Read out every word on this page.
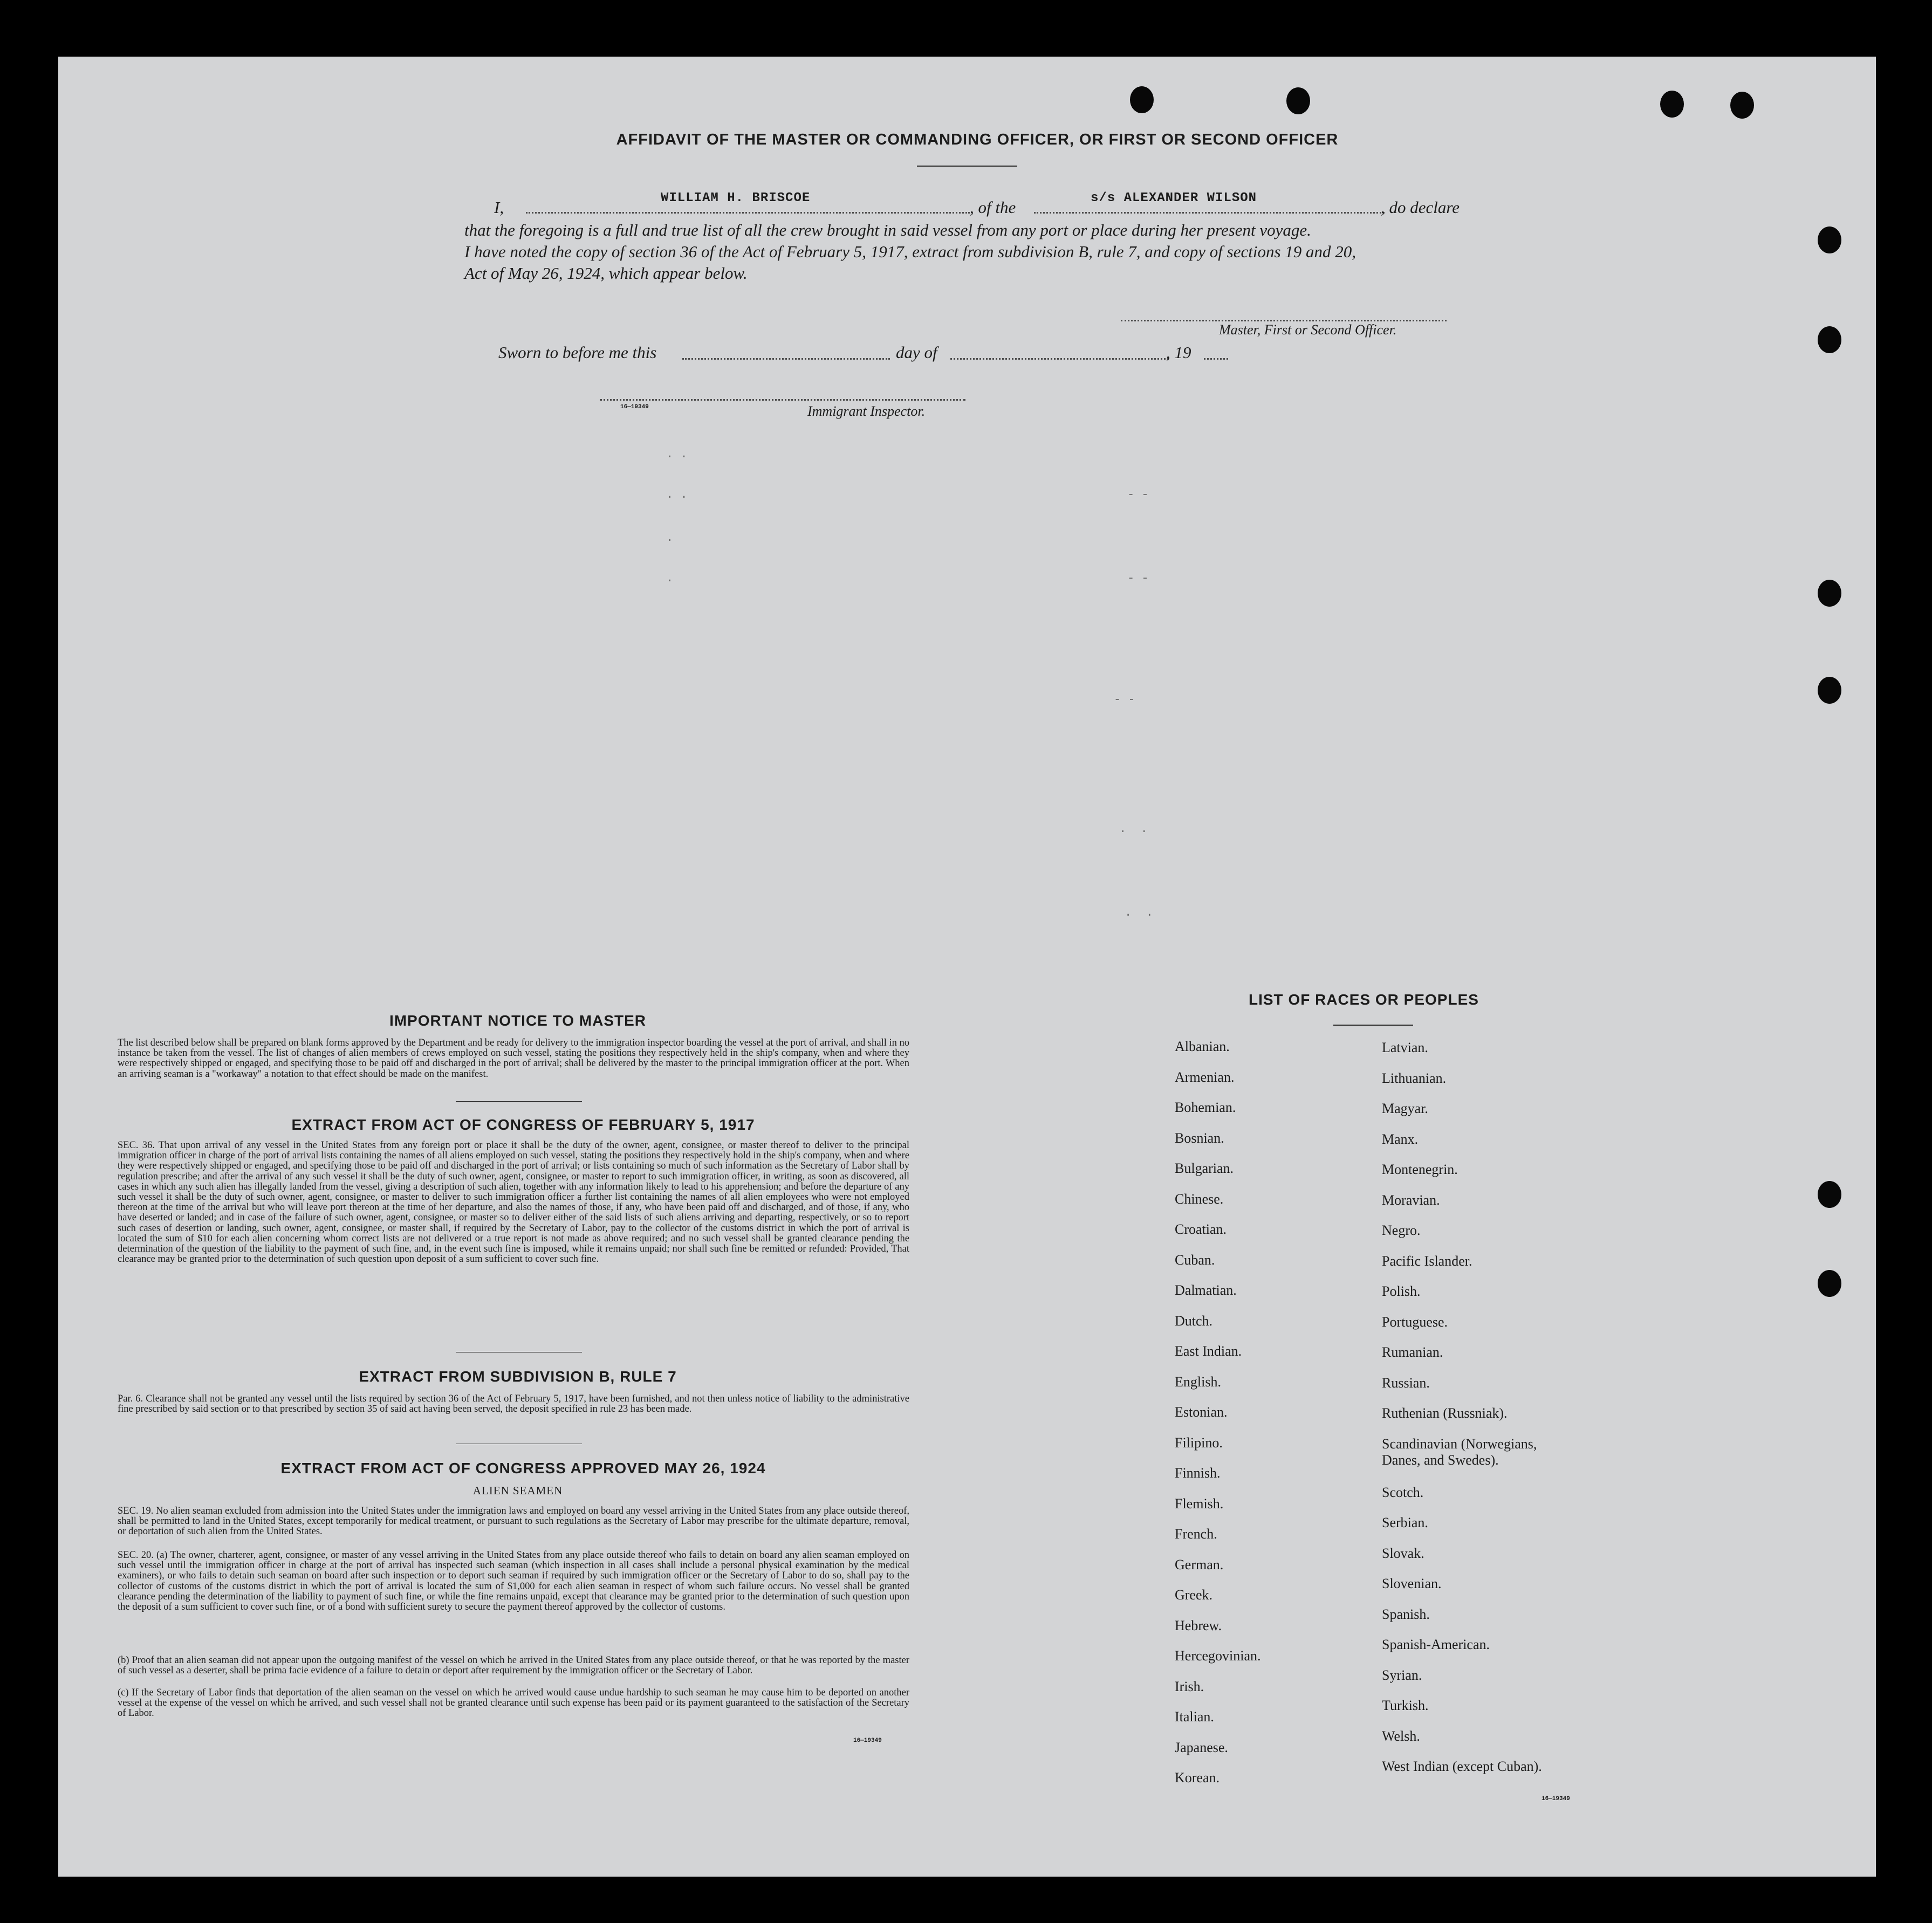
AFFIDAVIT OF THE MASTER OR COMMANDING OFFICER, OR FIRST OR SECOND OFFICER
I,	WILLIAM H. BRISCOE	, of the	s/s ALEXANDER WILSON	, do declare
that the foregoing is a full and true list of all the crew brought in said vessel from any port or place during her present voyage.
I have noted the copy of section 36 of the Act of February 5, 1917, extract from subdivision B, rule 7, and copy of sections 19 and 20,
Act of May 26, 1924, which appear below.
Master, First or Second Officer.
Sworn to before me this	day of	, 19
16—19349	Immigrant Inspector.
. .
. .
.
.
- -
- -
- -
.  .
.  .
IMPORTANT NOTICE TO MASTER
The list described below shall be prepared on blank forms approved by the Department and be ready for delivery to the immigration inspector boarding the vessel at the port of arrival, and shall in no instance be taken from the vessel. The list of changes of alien members of crews employed on such vessel, stating the positions they respectively held in the ship's company, when and where they were respectively shipped or engaged, and specifying those to be paid off and discharged in the port of arrival; shall be delivered by the master to the principal immigration officer at the port. When an arriving seaman is a "workaway" a notation to that effect should be made on the manifest.
EXTRACT FROM ACT OF CONGRESS OF FEBRUARY 5, 1917
SEC. 36. That upon arrival of any vessel in the United States from any foreign port or place it shall be the duty of the owner, agent, consignee, or master thereof to deliver to the principal immigration officer in charge of the port of arrival lists containing the names of all aliens employed on such vessel, stating the positions they respectively hold in the ship's company, when and where they were respectively shipped or engaged, and specifying those to be paid off and discharged in the port of arrival; or lists containing so much of such information as the Secretary of Labor shall by regulation prescribe; and after the arrival of any such vessel it shall be the duty of such owner, agent, consignee, or master to report to such immigration officer, in writing, as soon as discovered, all cases in which any such alien has illegally landed from the vessel, giving a description of such alien, together with any information likely to lead to his apprehension; and before the departure of any such vessel it shall be the duty of such owner, agent, consignee, or master to deliver to such immigration officer a further list containing the names of all alien employees who were not employed thereon at the time of the arrival but who will leave port thereon at the time of her departure, and also the names of those, if any, who have been paid off and discharged, and of those, if any, who have deserted or landed; and in case of the failure of such owner, agent, consignee, or master so to deliver either of the said lists of such aliens arriving and departing, respectively, or so to report such cases of desertion or landing, such owner, agent, consignee, or master shall, if required by the Secretary of Labor, pay to the collector of the customs district in which the port of arrival is located the sum of $10 for each alien concerning whom correct lists are not delivered or a true report is not made as above required; and no such vessel shall be granted clearance pending the determination of the question of the liability to the payment of such fine, and, in the event such fine is imposed, while it remains unpaid; nor shall such fine be remitted or refunded: Provided, That clearance may be granted prior to the determination of such question upon deposit of a sum sufficient to cover such fine.
EXTRACT FROM SUBDIVISION B, RULE 7
Par. 6. Clearance shall not be granted any vessel until the lists required by section 36 of the Act of February 5, 1917, have been furnished, and not then unless notice of liability to the administrative fine prescribed by said section or to that prescribed by section 35 of said act having been served, the deposit specified in rule 23 has been made.
EXTRACT FROM ACT OF CONGRESS APPROVED MAY 26, 1924
ALIEN SEAMEN
SEC. 19. No alien seaman excluded from admission into the United States under the immigration laws and employed on board any vessel arriving in the United States from any place outside thereof, shall be permitted to land in the United States, except temporarily for medical treatment, or pursuant to such regulations as the Secretary of Labor may prescribe for the ultimate departure, removal, or deportation of such alien from the United States.
SEC. 20. (a) The owner, charterer, agent, consignee, or master of any vessel arriving in the United States from any place outside thereof who fails to detain on board any alien seaman employed on such vessel until the immigration officer in charge at the port of arrival has inspected such seaman (which inspection in all cases shall include a personal physical examination by the medical examiners), or who fails to detain such seaman on board after such inspection or to deport such seaman if required by such immigration officer or the Secretary of Labor to do so, shall pay to the collector of customs of the customs district in which the port of arrival is located the sum of $1,000 for each alien seaman in respect of whom such failure occurs. No vessel shall be granted clearance pending the determination of the liability to payment of such fine, or while the fine remains unpaid, except that clearance may be granted prior to the determination of such question upon the deposit of a sum sufficient to cover such fine, or of a bond with sufficient surety to secure the payment thereof approved by the collector of customs.
(b) Proof that an alien seaman did not appear upon the outgoing manifest of the vessel on which he arrived in the United States from any place outside thereof, or that he was reported by the master of such vessel as a deserter, shall be prima facie evidence of a failure to detain or deport after requirement by the immigration officer or the Secretary of Labor.
(c) If the Secretary of Labor finds that deportation of the alien seaman on the vessel on which he arrived would cause undue hardship to such seaman he may cause him to be deported on another vessel at the expense of the vessel on which he arrived, and such vessel shall not be granted clearance until such expense has been paid or its payment guaranteed to the satisfaction of the Secretary of Labor.
16—19349
LIST OF RACES OR PEOPLES
Albanian.
Armenian.
Bohemian.
Bosnian.
Bulgarian.
Chinese.
Croatian.
Cuban.
Dalmatian.
Dutch.
East Indian.
English.
Estonian.
Filipino.
Finnish.
Flemish.
French.
German.
Greek.
Hebrew.
Hercegovinian.
Irish.
Italian.
Japanese.
Korean.
Latvian.
Lithuanian.
Magyar.
Manx.
Montenegrin.
Moravian.
Negro.
Pacific Islander.
Polish.
Portuguese.
Rumanian.
Russian.
Ruthenian (Russniak).
Scandinavian (Norwegians, Danes, and Swedes).
Scotch.
Serbian.
Slovak.
Slovenian.
Spanish.
Spanish-American.
Syrian.
Turkish.
Welsh.
West Indian (except Cuban).
16—19349
